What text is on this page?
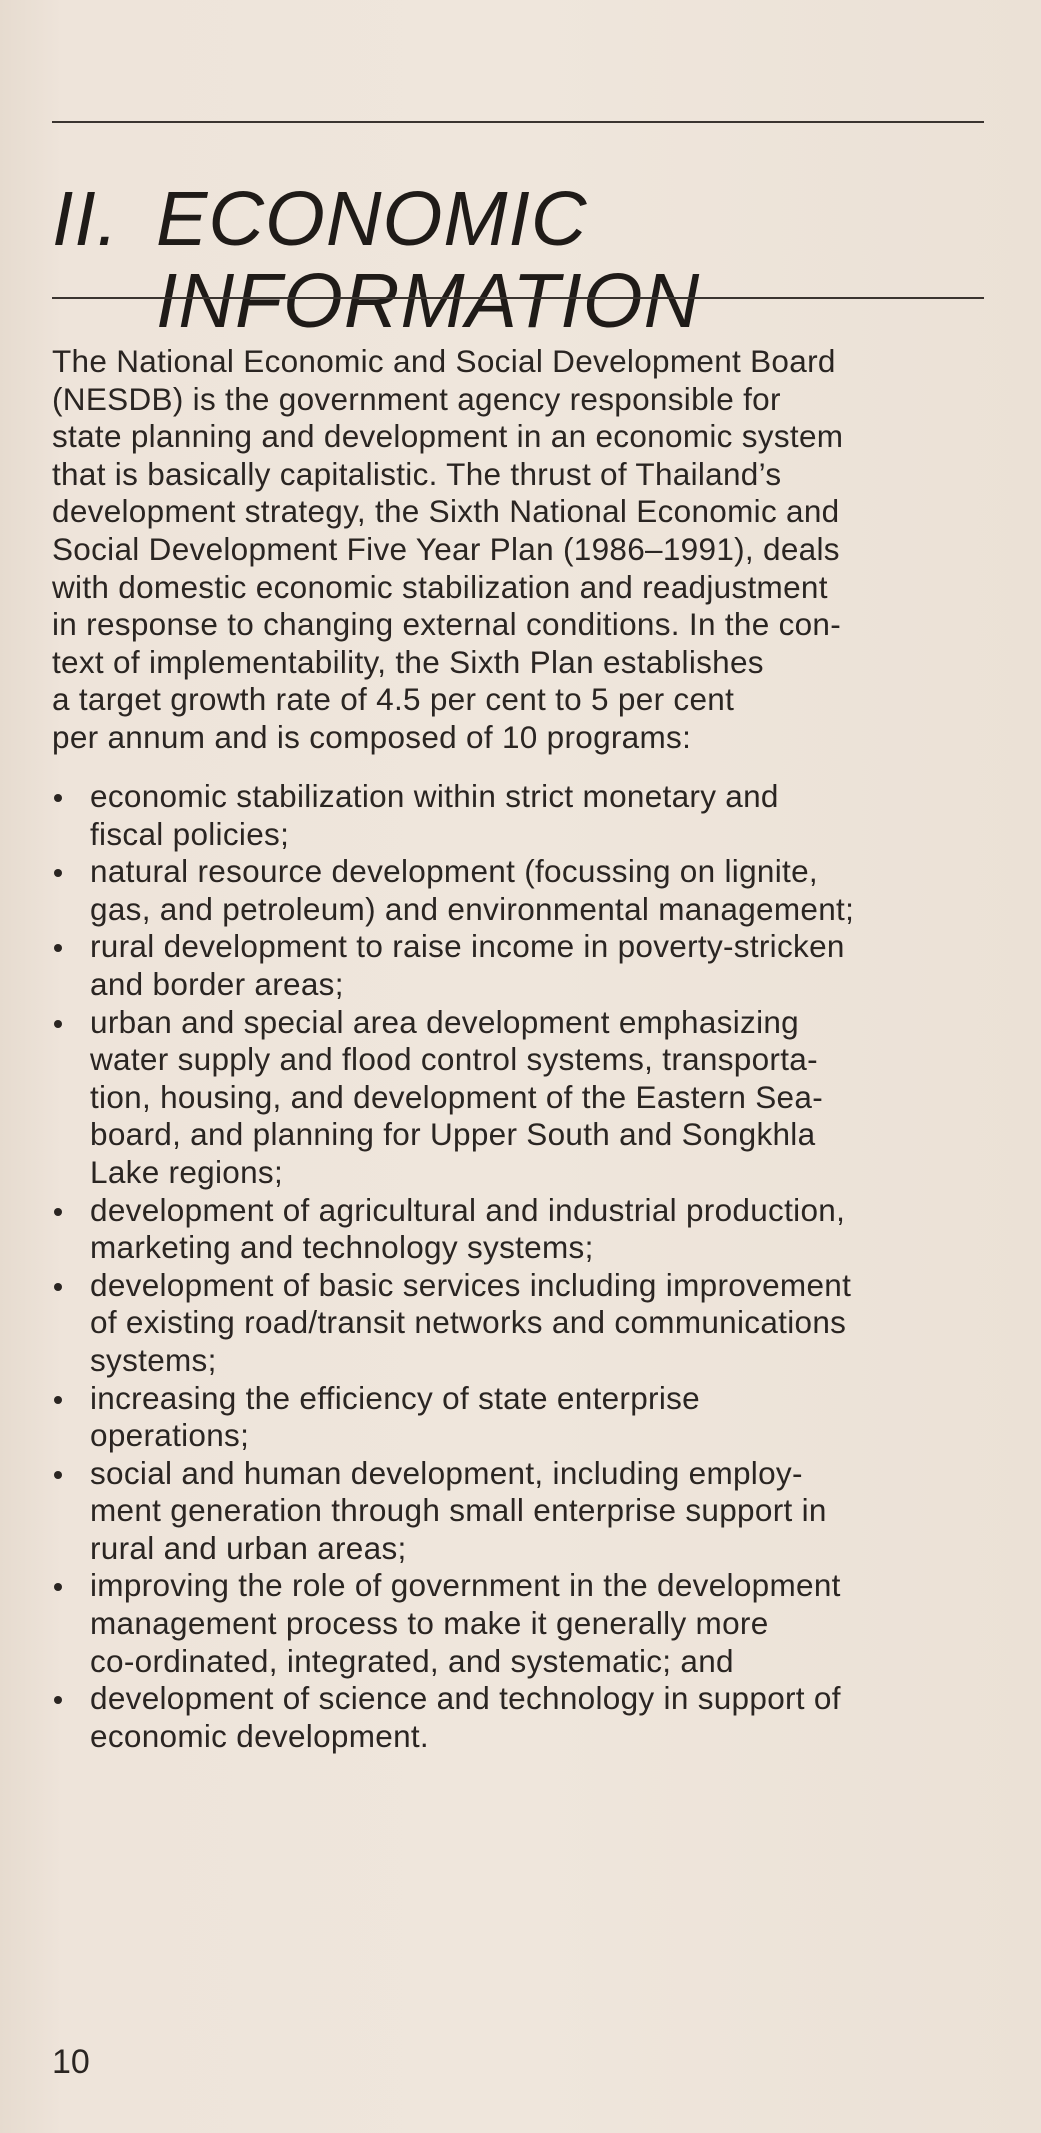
II. ECONOMIC
INFORMATION

The National Economic and Social Development Board
(NESDB) is the government agency responsible for
state planning and development in an economic system
that is basically capitalistic. The thrust of Thailand’s
development strategy, the Sixth National Economic and
Social Development Five Year Plan (1986–1991), deals
with domestic economic stabilization and readjustment
in response to changing external conditions. In the con-
text of implementability, the Sixth Plan establishes
a target growth rate of 4.5 per cent to 5 per cent
per annum and is composed of 10 programs:

economic stabilization within strict monetary and
fiscal policies;
natural resource development (focussing on lignite,
gas, and petroleum) and environmental management;
rural development to raise income in poverty-stricken
and border areas;
urban and special area development emphasizing
water supply and flood control systems, transporta-
tion, housing, and development of the Eastern Sea-
board, and planning for Upper South and Songkhla
Lake regions;
development of agricultural and industrial production,
marketing and technology systems;
development of basic services including improvement
of existing road/transit networks and communications
systems;
increasing the efficiency of state enterprise
operations;
social and human development, including employ-
ment generation through small enterprise support in
rural and urban areas;
improving the role of government in the development
management process to make it generally more
co-ordinated, integrated, and systematic; and
development of science and technology in support of
economic development.
10
